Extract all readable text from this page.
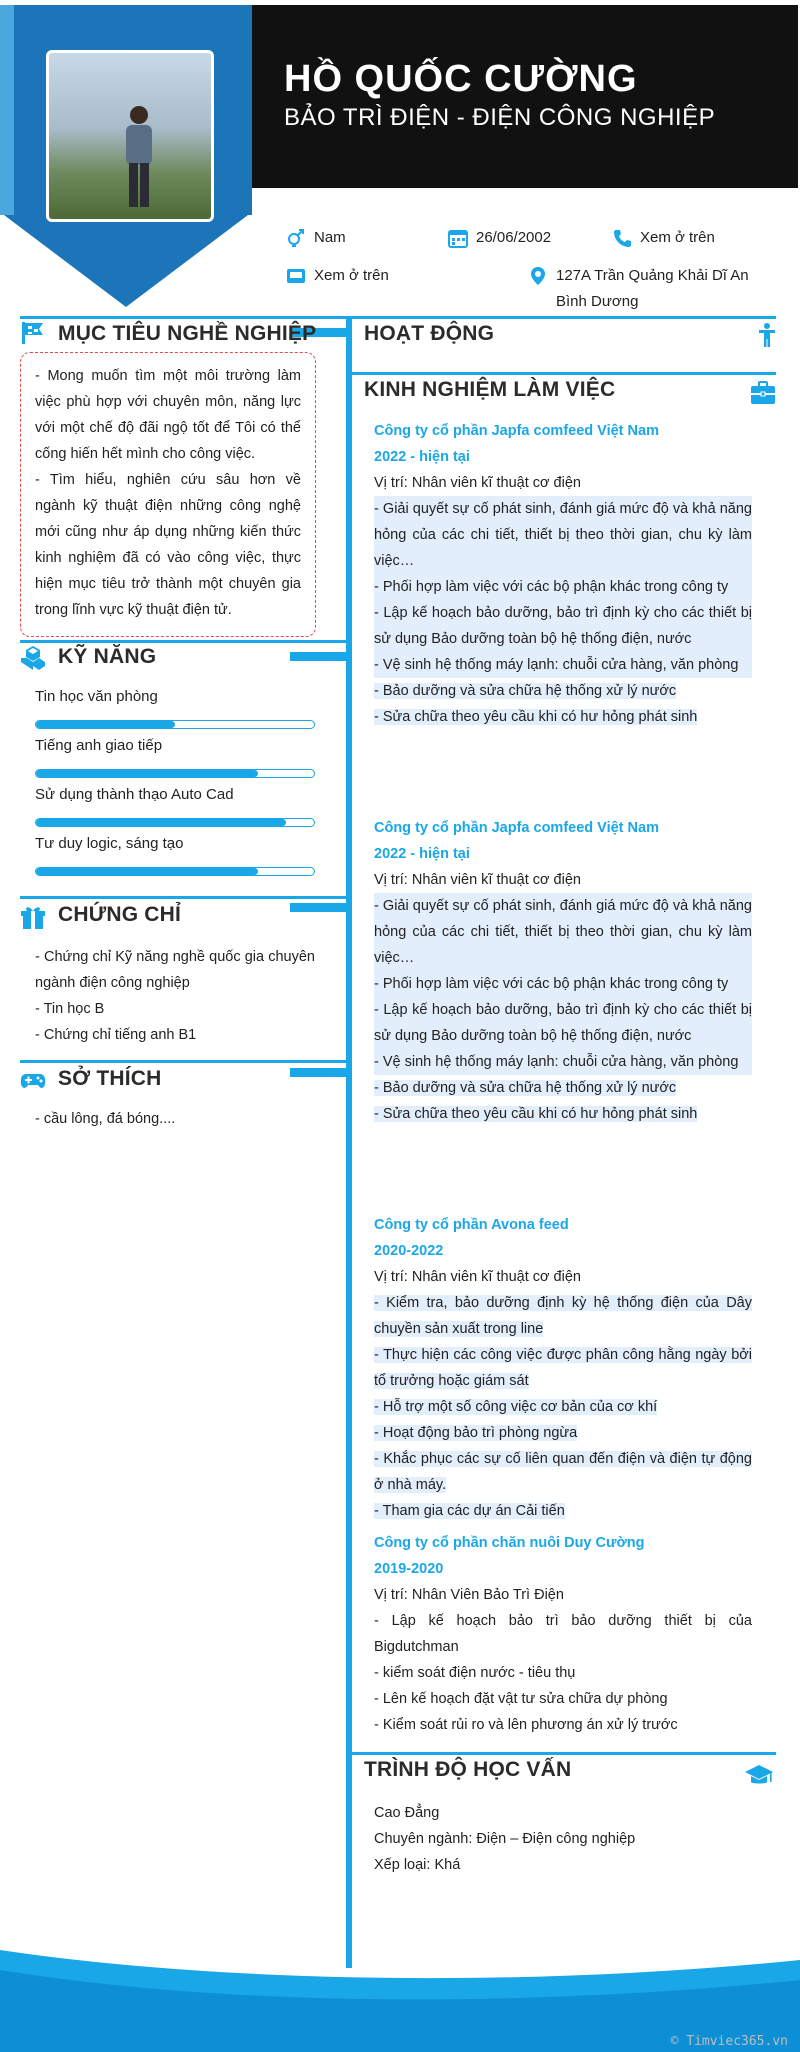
HỒ QUỐC CƯỜNG
BẢO TRÌ ĐIỆN - ĐIỆN CÔNG NGHIỆP
Nam	26/06/2002	Xem ở trên
Xem ở trên	127A Trần Quảng Khải Dĩ An Bình Dương
MỤC TIÊU NGHỀ NGHIỆP

- Mong muốn tìm một môi trường làm việc phù hợp với chuyên môn, năng lực với một chế độ đãi ngộ tốt để Tôi có thể cống hiến hết mình cho công việc.

- Tìm hiểu, nghiên cứu sâu hơn về ngành kỹ thuật điện những công nghệ mới cũng như áp dụng những kiến thức kinh nghiệm đã có vào công việc, thực hiện mục tiêu trở thành một chuyên gia trong lĩnh vực kỹ thuật điện tử.

KỸ NĂNG
Tin học văn phòng
Tiếng anh giao tiếp
Sử dụng thành thạo Auto Cad
Tư duy logic, sáng tạo
CHỨNG CHỈ

- Chứng chỉ Kỹ năng nghề quốc gia chuyên ngành điện công nghiệp

- Tin học B

- Chứng chỉ tiếng anh B1

SỞ THÍCH
- cầu lông, đá bóng....
HOẠT ĐỘNG
KINH NGHIỆM LÀM VIỆC
Công ty cổ phần Japfa comfeed Việt Nam
2022 - hiện tại
Vị trí: Nhân viên kĩ thuật cơ điện
- Giải quyết sự cố phát sinh, đánh giá mức độ và khả năng hỏng của các chi tiết, thiết bị theo thời gian, chu kỳ làm việc…
- Phối hợp làm việc với các bộ phận khác trong công ty
- Lập kế hoạch bảo dưỡng, bảo trì định kỳ cho các thiết bị sử dụng Bảo dưỡng toàn bộ hệ thống điện, nước
- Vệ sinh hệ thống máy lạnh: chuỗi cửa hàng, văn phòng
- Bảo dưỡng và sửa chữa hệ thống xử lý nước
- Sửa chữa theo yêu cầu khi có hư hỏng phát sinh
Công ty cổ phần Japfa comfeed Việt Nam
2022 - hiện tại
Vị trí: Nhân viên kĩ thuật cơ điện
- Giải quyết sự cố phát sinh, đánh giá mức độ và khả năng hỏng của các chi tiết, thiết bị theo thời gian, chu kỳ làm việc…
- Phối hợp làm việc với các bộ phận khác trong công ty
- Lập kế hoạch bảo dưỡng, bảo trì định kỳ cho các thiết bị sử dụng Bảo dưỡng toàn bộ hệ thống điện, nước
- Vệ sinh hệ thống máy lạnh: chuỗi cửa hàng, văn phòng
- Bảo dưỡng và sửa chữa hệ thống xử lý nước
- Sửa chữa theo yêu cầu khi có hư hỏng phát sinh
Công ty cổ phần Avona feed
2020-2022
Vị trí: Nhân viên kĩ thuật cơ điện
- Kiểm tra, bảo dưỡng định kỳ hệ thống điện của Dây chuyền sản xuất trong line
- Thực hiện các công việc được phân công hằng ngày bởi tổ trưởng hoặc giám sát
- Hỗ trợ một số công việc cơ bản của cơ khí
- Hoạt động bảo trì phòng ngừa
- Khắc phục các sự cố liên quan đến điện và điện tự động ở nhà máy.
- Tham gia các dự án Cải tiến
Công ty cổ phần chăn nuôi Duy Cường
2019-2020
Vị trí: Nhân Viên Bảo Trì Điện
- Lập kế hoạch bảo trì bảo dưỡng thiết bị của Bigdutchman
- kiểm soát điện nước - tiêu thụ
- Lên kế hoạch đặt vật tư sửa chữa dự phòng
- Kiểm soát rủi ro và lên phương án xử lý trước
TRÌNH ĐỘ HỌC VẤN

Cao Đẳng

Chuyên ngành: Điện – Điện công nghiệp

Xếp loại: Khá

© Timviec365.vn
